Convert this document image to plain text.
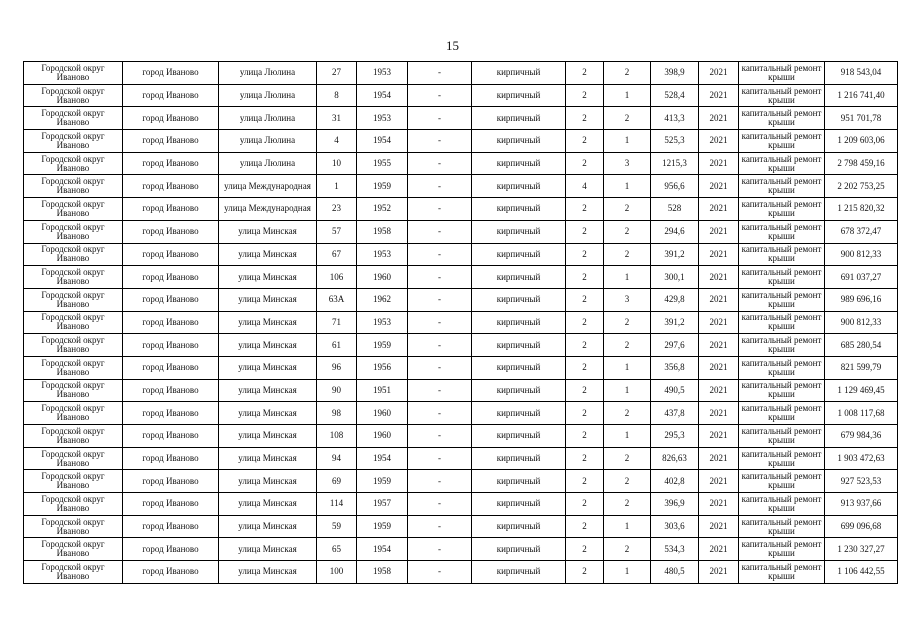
15
Городской округ Иваново	город Иваново	улица Люлина	27	1953	-	кирпичный	2	2	398,9	2021	капитальный ремонт крыши	918 543,04
Городской округ Иваново	город Иваново	улица Люлина	8	1954	-	кирпичный	2	1	528,4	2021	капитальный ремонт крыши	1 216 741,40
Городской округ Иваново	город Иваново	улица Люлина	31	1953	-	кирпичный	2	2	413,3	2021	капитальный ремонт крыши	951 701,78
Городской округ Иваново	город Иваново	улица Люлина	4	1954	-	кирпичный	2	1	525,3	2021	капитальный ремонт крыши	1 209 603,06
Городской округ Иваново	город Иваново	улица Люлина	10	1955	-	кирпичный	2	3	1215,3	2021	капитальный ремонт крыши	2 798 459,16
Городской округ Иваново	город Иваново	улица Международная	1	1959	-	кирпичный	4	1	956,6	2021	капитальный ремонт крыши	2 202 753,25
Городской округ Иваново	город Иваново	улица Международная	23	1952	-	кирпичный	2	2	528	2021	капитальный ремонт крыши	1 215 820,32
Городской округ Иваново	город Иваново	улица Минская	57	1958	-	кирпичный	2	2	294,6	2021	капитальный ремонт крыши	678 372,47
Городской округ Иваново	город Иваново	улица Минская	67	1953	-	кирпичный	2	2	391,2	2021	капитальный ремонт крыши	900 812,33
Городской округ Иваново	город Иваново	улица Минская	106	1960	-	кирпичный	2	1	300,1	2021	капитальный ремонт крыши	691 037,27
Городской округ Иваново	город Иваново	улица Минская	63А	1962	-	кирпичный	2	3	429,8	2021	капитальный ремонт крыши	989 696,16
Городской округ Иваново	город Иваново	улица Минская	71	1953	-	кирпичный	2	2	391,2	2021	капитальный ремонт крыши	900 812,33
Городской округ Иваново	город Иваново	улица Минская	61	1959	-	кирпичный	2	2	297,6	2021	капитальный ремонт крыши	685 280,54
Городской округ Иваново	город Иваново	улица Минская	96	1956	-	кирпичный	2	1	356,8	2021	капитальный ремонт крыши	821 599,79
Городской округ Иваново	город Иваново	улица Минская	90	1951	-	кирпичный	2	1	490,5	2021	капитальный ремонт крыши	1 129 469,45
Городской округ Иваново	город Иваново	улица Минская	98	1960	-	кирпичный	2	2	437,8	2021	капитальный ремонт крыши	1 008 117,68
Городской округ Иваново	город Иваново	улица Минская	108	1960	-	кирпичный	2	1	295,3	2021	капитальный ремонт крыши	679 984,36
Городской округ Иваново	город Иваново	улица Минская	94	1954	-	кирпичный	2	2	826,63	2021	капитальный ремонт крыши	1 903 472,63
Городской округ Иваново	город Иваново	улица Минская	69	1959	-	кирпичный	2	2	402,8	2021	капитальный ремонт крыши	927 523,53
Городской округ Иваново	город Иваново	улица Минская	114	1957	-	кирпичный	2	2	396,9	2021	капитальный ремонт крыши	913 937,66
Городской округ Иваново	город Иваново	улица Минская	59	1959	-	кирпичный	2	1	303,6	2021	капитальный ремонт крыши	699 096,68
Городской округ Иваново	город Иваново	улица Минская	65	1954	-	кирпичный	2	2	534,3	2021	капитальный ремонт крыши	1 230 327,27
Городской округ Иваново	город Иваново	улица Минская	100	1958	-	кирпичный	2	1	480,5	2021	капитальный ремонт крыши	1 106 442,55
